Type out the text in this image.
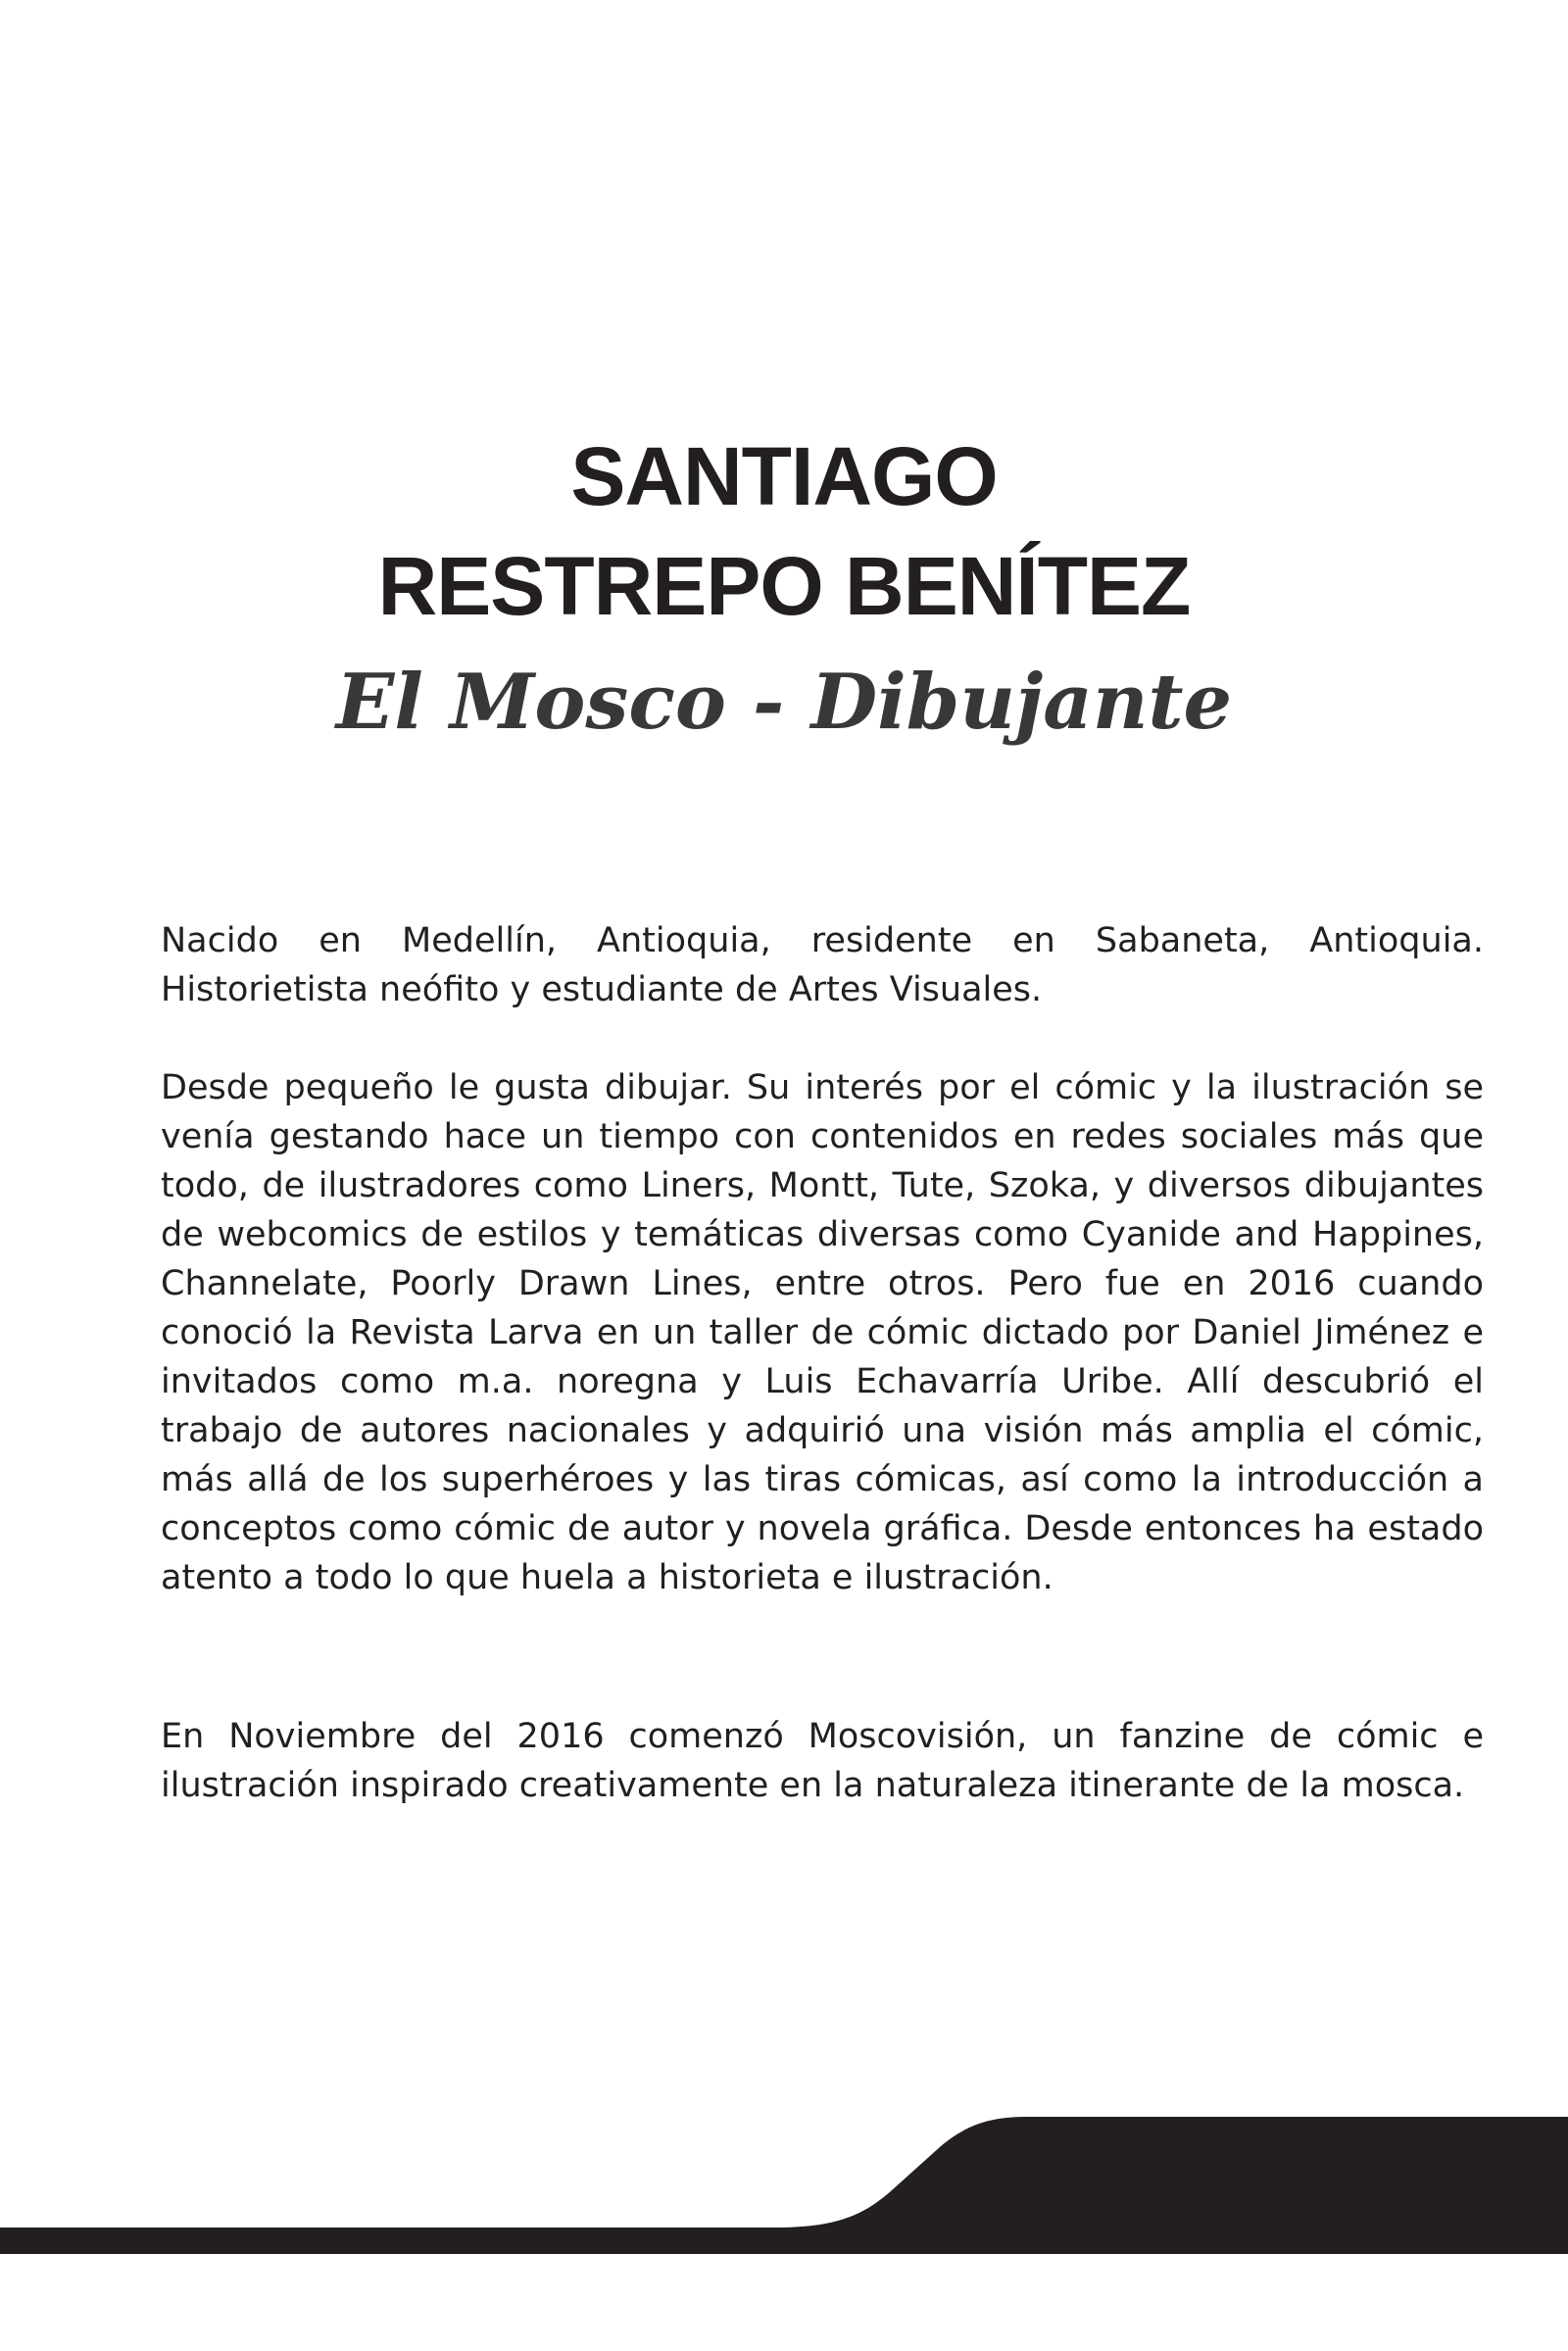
SANTIAGO
RESTREPO BENÍTEZ
El Mosco - Dibujante

Nacido en Medellín, Antioquia, residente en Sabaneta, Antioquia. Historietista neófito y estudiante de Artes Visuales.

Desde pequeño le gusta dibujar. Su interés por el cómic y la ilustración se venía gestando hace un tiempo con contenidos en redes sociales más que todo, de ilustradores como Liners, Montt, Tute, Szoka, y diversos dibujantes de webcomics de estilos y temáticas diversas como Cyanide and Happines, Channelate, Poorly Drawn Lines, entre otros. Pero fue en 2016 cuando conoció la Revista Larva en un taller de cómic dictado por Daniel Jiménez e invitados como m.a. noregna y Luis Echavarría Uribe. Allí descubrió el trabajo de autores nacionales y adquirió una visión más amplia el cómic, más allá de los superhéroes y las tiras cómicas, así como la introducción a conceptos como cómic de autor y novela gráfica. Desde entonces ha estado atento a todo lo que huela a historieta e ilustración.

En Noviembre del 2016 comenzó Moscovisión, un fanzine de cómic e ilustración inspirado creativamente en la naturaleza itinerante de la mosca.
